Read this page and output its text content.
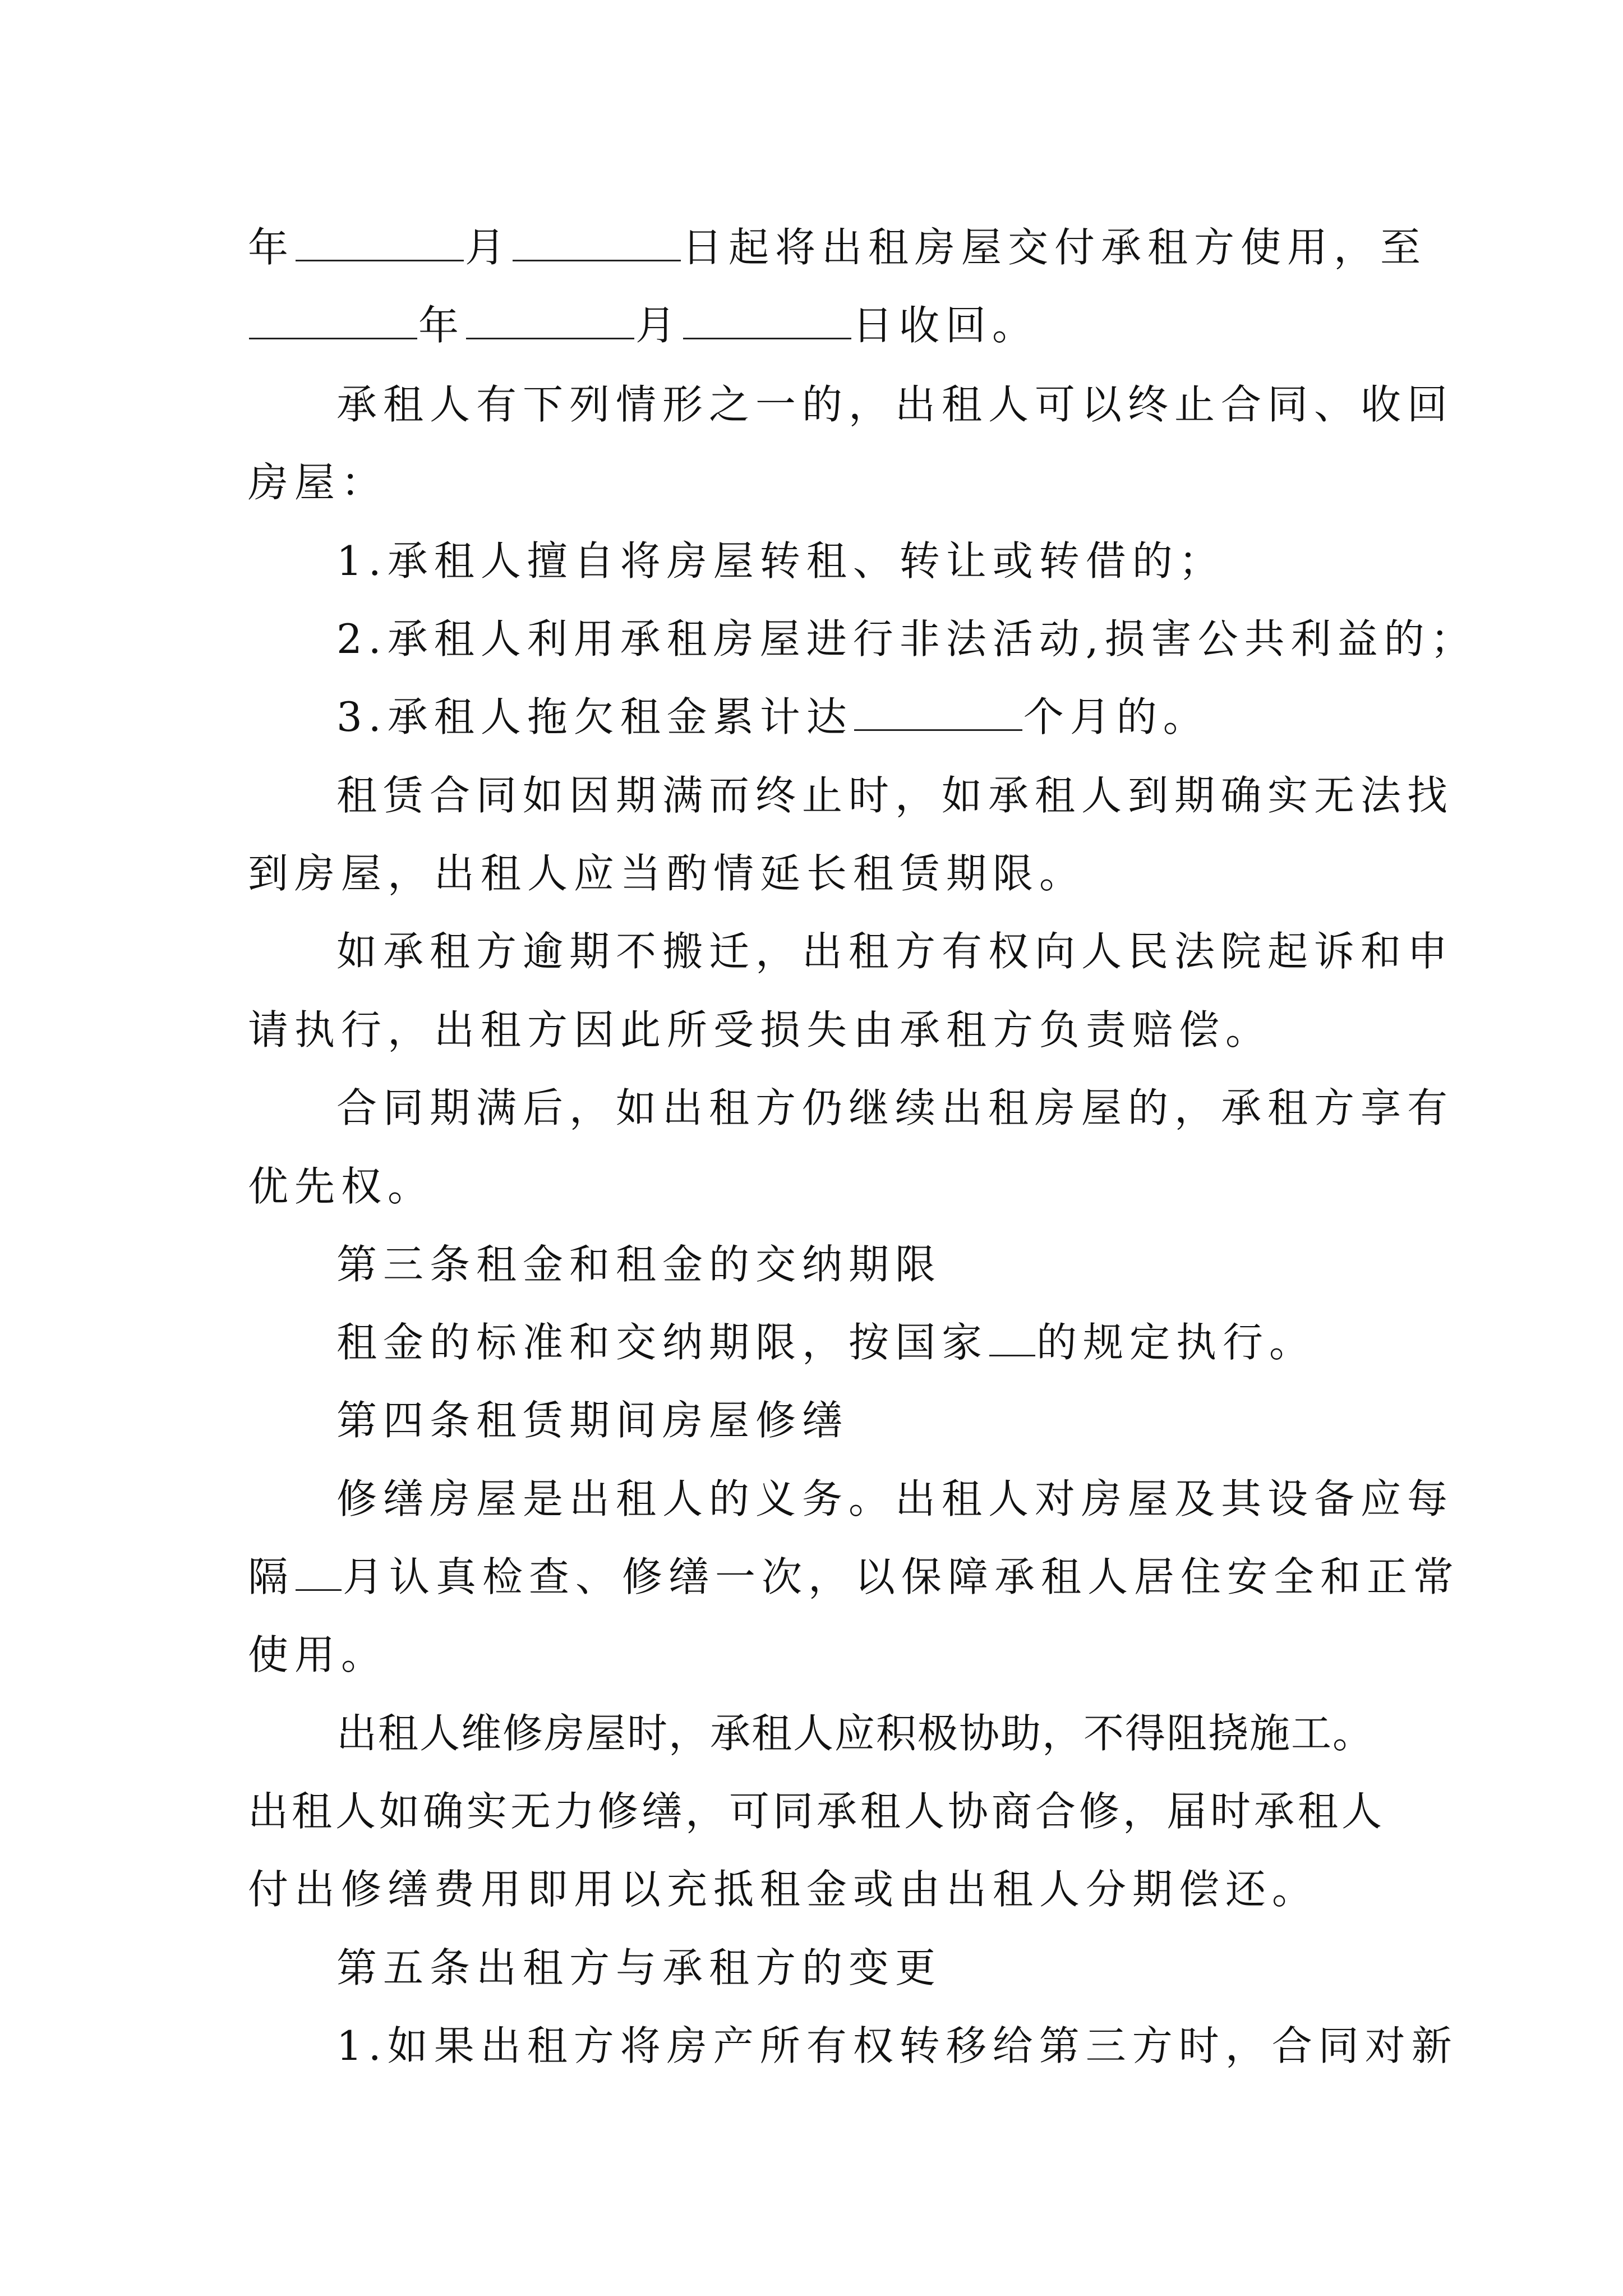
年	月	日起将出租房屋交付承租方使用，至
年	月	日收回。
承租人有下列情形之一的，出租人可以终止合同、收回
房屋：
1.承租人擅自将房屋转租、转让或转借的；
2.承租人利用承租房屋进行非法活动,损害公共利益的；
3.承租人拖欠租金累计达	个月的。
租赁合同如因期满而终止时，如承租人到期确实无法找
到房屋，出租人应当酌情延长租赁期限。
如承租方逾期不搬迁，出租方有权向人民法院起诉和申
请执行，出租方因此所受损失由承租方负责赔偿。
合同期满后，如出租方仍继续出租房屋的，承租方享有
优先权。
第三条租金和租金的交纳期限
租金的标准和交纳期限，按国家 的规定执行。
第四条租赁期间房屋修缮
修缮房屋是出租人的义务。出租人对房屋及其设备应每
隔 月认真检查、修缮一次，以保障承租人居住安全和正常
使用。
出租人维修房屋时，承租人应积极协助，不得阻挠施工。
出租人如确实无力修缮，可同承租人协商合修，届时承租人
付出修缮费用即用以充抵租金或由出租人分期偿还。
第五条出租方与承租方的变更
1.如果出租方将房产所有权转移给第三方时，合同对新
